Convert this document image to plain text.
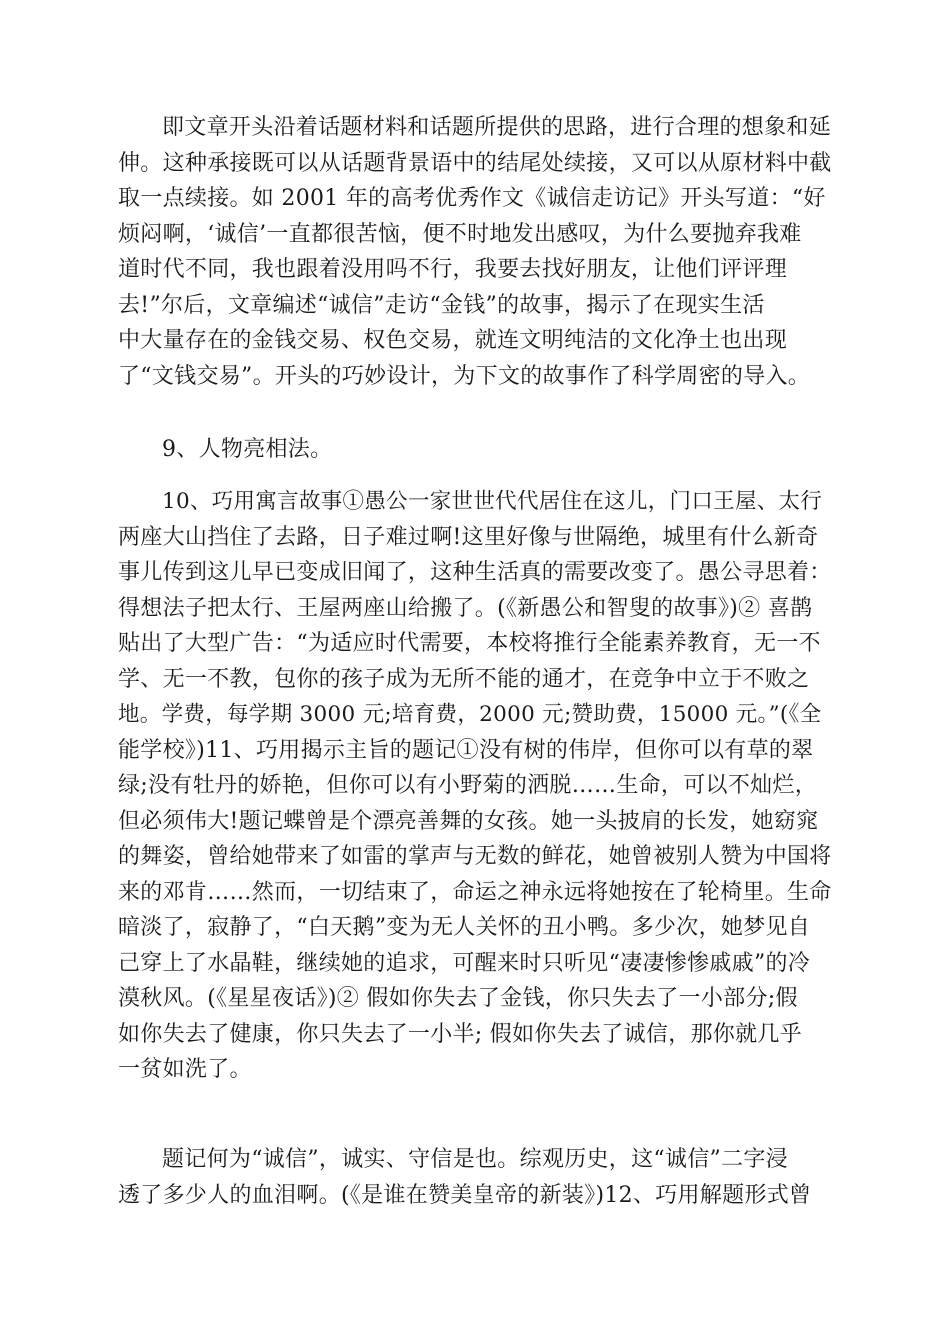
即文章开头沿着话题材料和话题所提供的思路，进行合理的想象和延
伸。这种承接既可以从话题背景语中的结尾处续接，又可以从原材料中截
取一点续接。如 2001 年的高考优秀作文《诚信走访记》开头写道：“好
烦闷啊，‘诚信’一直都很苦恼，便不时地发出感叹，为什么要抛弃我难
道时代不同，我也跟着没用吗不行，我要去找好朋友，让他们评评理
去!”尔后，文章编述“诚信”走访“金钱”的故事，揭示了在现实生活
中大量存在的金钱交易、权色交易，就连文明纯洁的文化净土也出现
了“文钱交易”。开头的巧妙设计，为下文的故事作了科学周密的导入。
9、人物亮相法。
10、巧用寓言故事①愚公一家世世代代居住在这儿，门口王屋、太行
两座大山挡住了去路，日子难过啊!这里好像与世隔绝，城里有什么新奇
事儿传到这儿早已变成旧闻了，这种生活真的需要改变了。愚公寻思着：
得想法子把太行、王屋两座山给搬了。(《新愚公和智叟的故事》)② 喜鹊
贴出了大型广告：“为适应时代需要，本校将推行全能素养教育，无一不
学、无一不教，包你的孩子成为无所不能的通才，在竞争中立于不败之
地。学费，每学期 3000 元;培育费，2000 元;赞助费，15000 元。”(《全
能学校》)11、巧用揭示主旨的题记①没有树的伟岸，但你可以有草的翠
绿;没有牡丹的娇艳，但你可以有小野菊的洒脱……生命，可以不灿烂，
但必须伟大!题记蝶曾是个漂亮善舞的女孩。她一头披肩的长发，她窈窕
的舞姿，曾给她带来了如雷的掌声与无数的鲜花，她曾被别人赞为中国将
来的邓肯……然而，一切结束了，命运之神永远将她按在了轮椅里。生命
暗淡了，寂静了，“白天鹅”变为无人关怀的丑小鸭。多少次，她梦见自
己穿上了水晶鞋，继续她的追求，可醒来时只听见“凄凄惨惨戚戚”的冷
漠秋风。(《星星夜话》)② 假如你失去了金钱，你只失去了一小部分;假
如你失去了健康，你只失去了一小半; 假如你失去了诚信，那你就几乎
一贫如洗了。
题记何为“诚信”，诚实、守信是也。综观历史，这“诚信”二字浸
透了多少人的血泪啊。(《是谁在赞美皇帝的新装》)12、巧用解题形式曾
